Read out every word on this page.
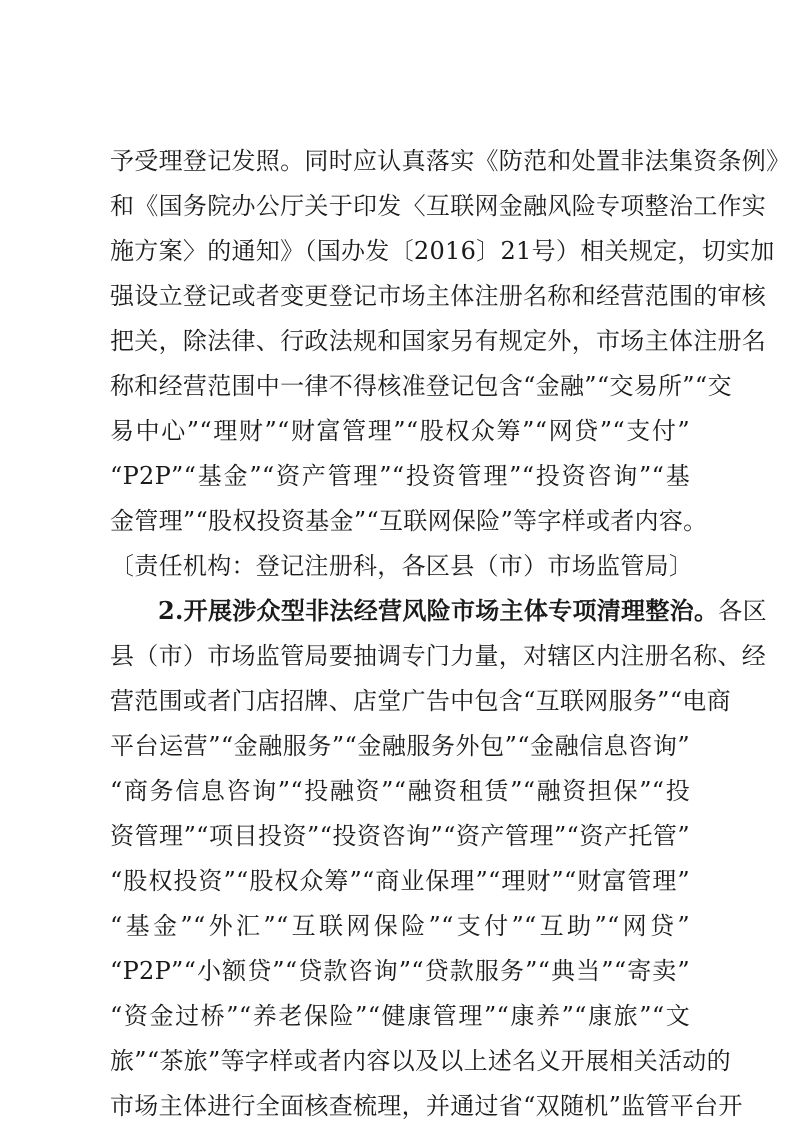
予受理登记发照。同时应认真落实《防范和处置非法集资条例》
和《国务院办公厅关于印发〈互联网金融风险专项整治工作实
施方案〉的通知》（国办发〔2016〕21号）相关规定，切实加
强设立登记或者变更登记市场主体注册名称和经营范围的审核
把关，除法律、行政法规和国家另有规定外，市场主体注册名
称和经营范围中一律不得核准登记包含“金融”“交易所”“交
易中心”“理财”“财富管理”“股权众筹”“网贷”“支付”
“P2P”“基金”“资产管理”“投资管理”“投资咨询”“基
金管理”“股权投资基金”“互联网保险”等字样或者内容。
〔责任机构：登记注册科，各区县（市）市场监管局〕
2.开展涉众型非法经营风险市场主体专项清理整治。各区
县（市）市场监管局要抽调专门力量，对辖区内注册名称、经
营范围或者门店招牌、店堂广告中包含“互联网服务”“电商
平台运营”“金融服务”“金融服务外包”“金融信息咨询”
“商务信息咨询”“投融资”“融资租赁”“融资担保”“投
资管理”“项目投资”“投资咨询”“资产管理”“资产托管”
“股权投资”“股权众筹”“商业保理”“理财”“财富管理”
“基金”“外汇”“互联网保险”“支付”“互助”“网贷”
“P2P”“小额贷”“贷款咨询”“贷款服务”“典当”“寄卖”
“资金过桥”“养老保险”“健康管理”“康养”“康旅”“文
旅”“茶旅”等字样或者内容以及以上述名义开展相关活动的
市场主体进行全面核查梳理，并通过省“双随机”监管平台开
